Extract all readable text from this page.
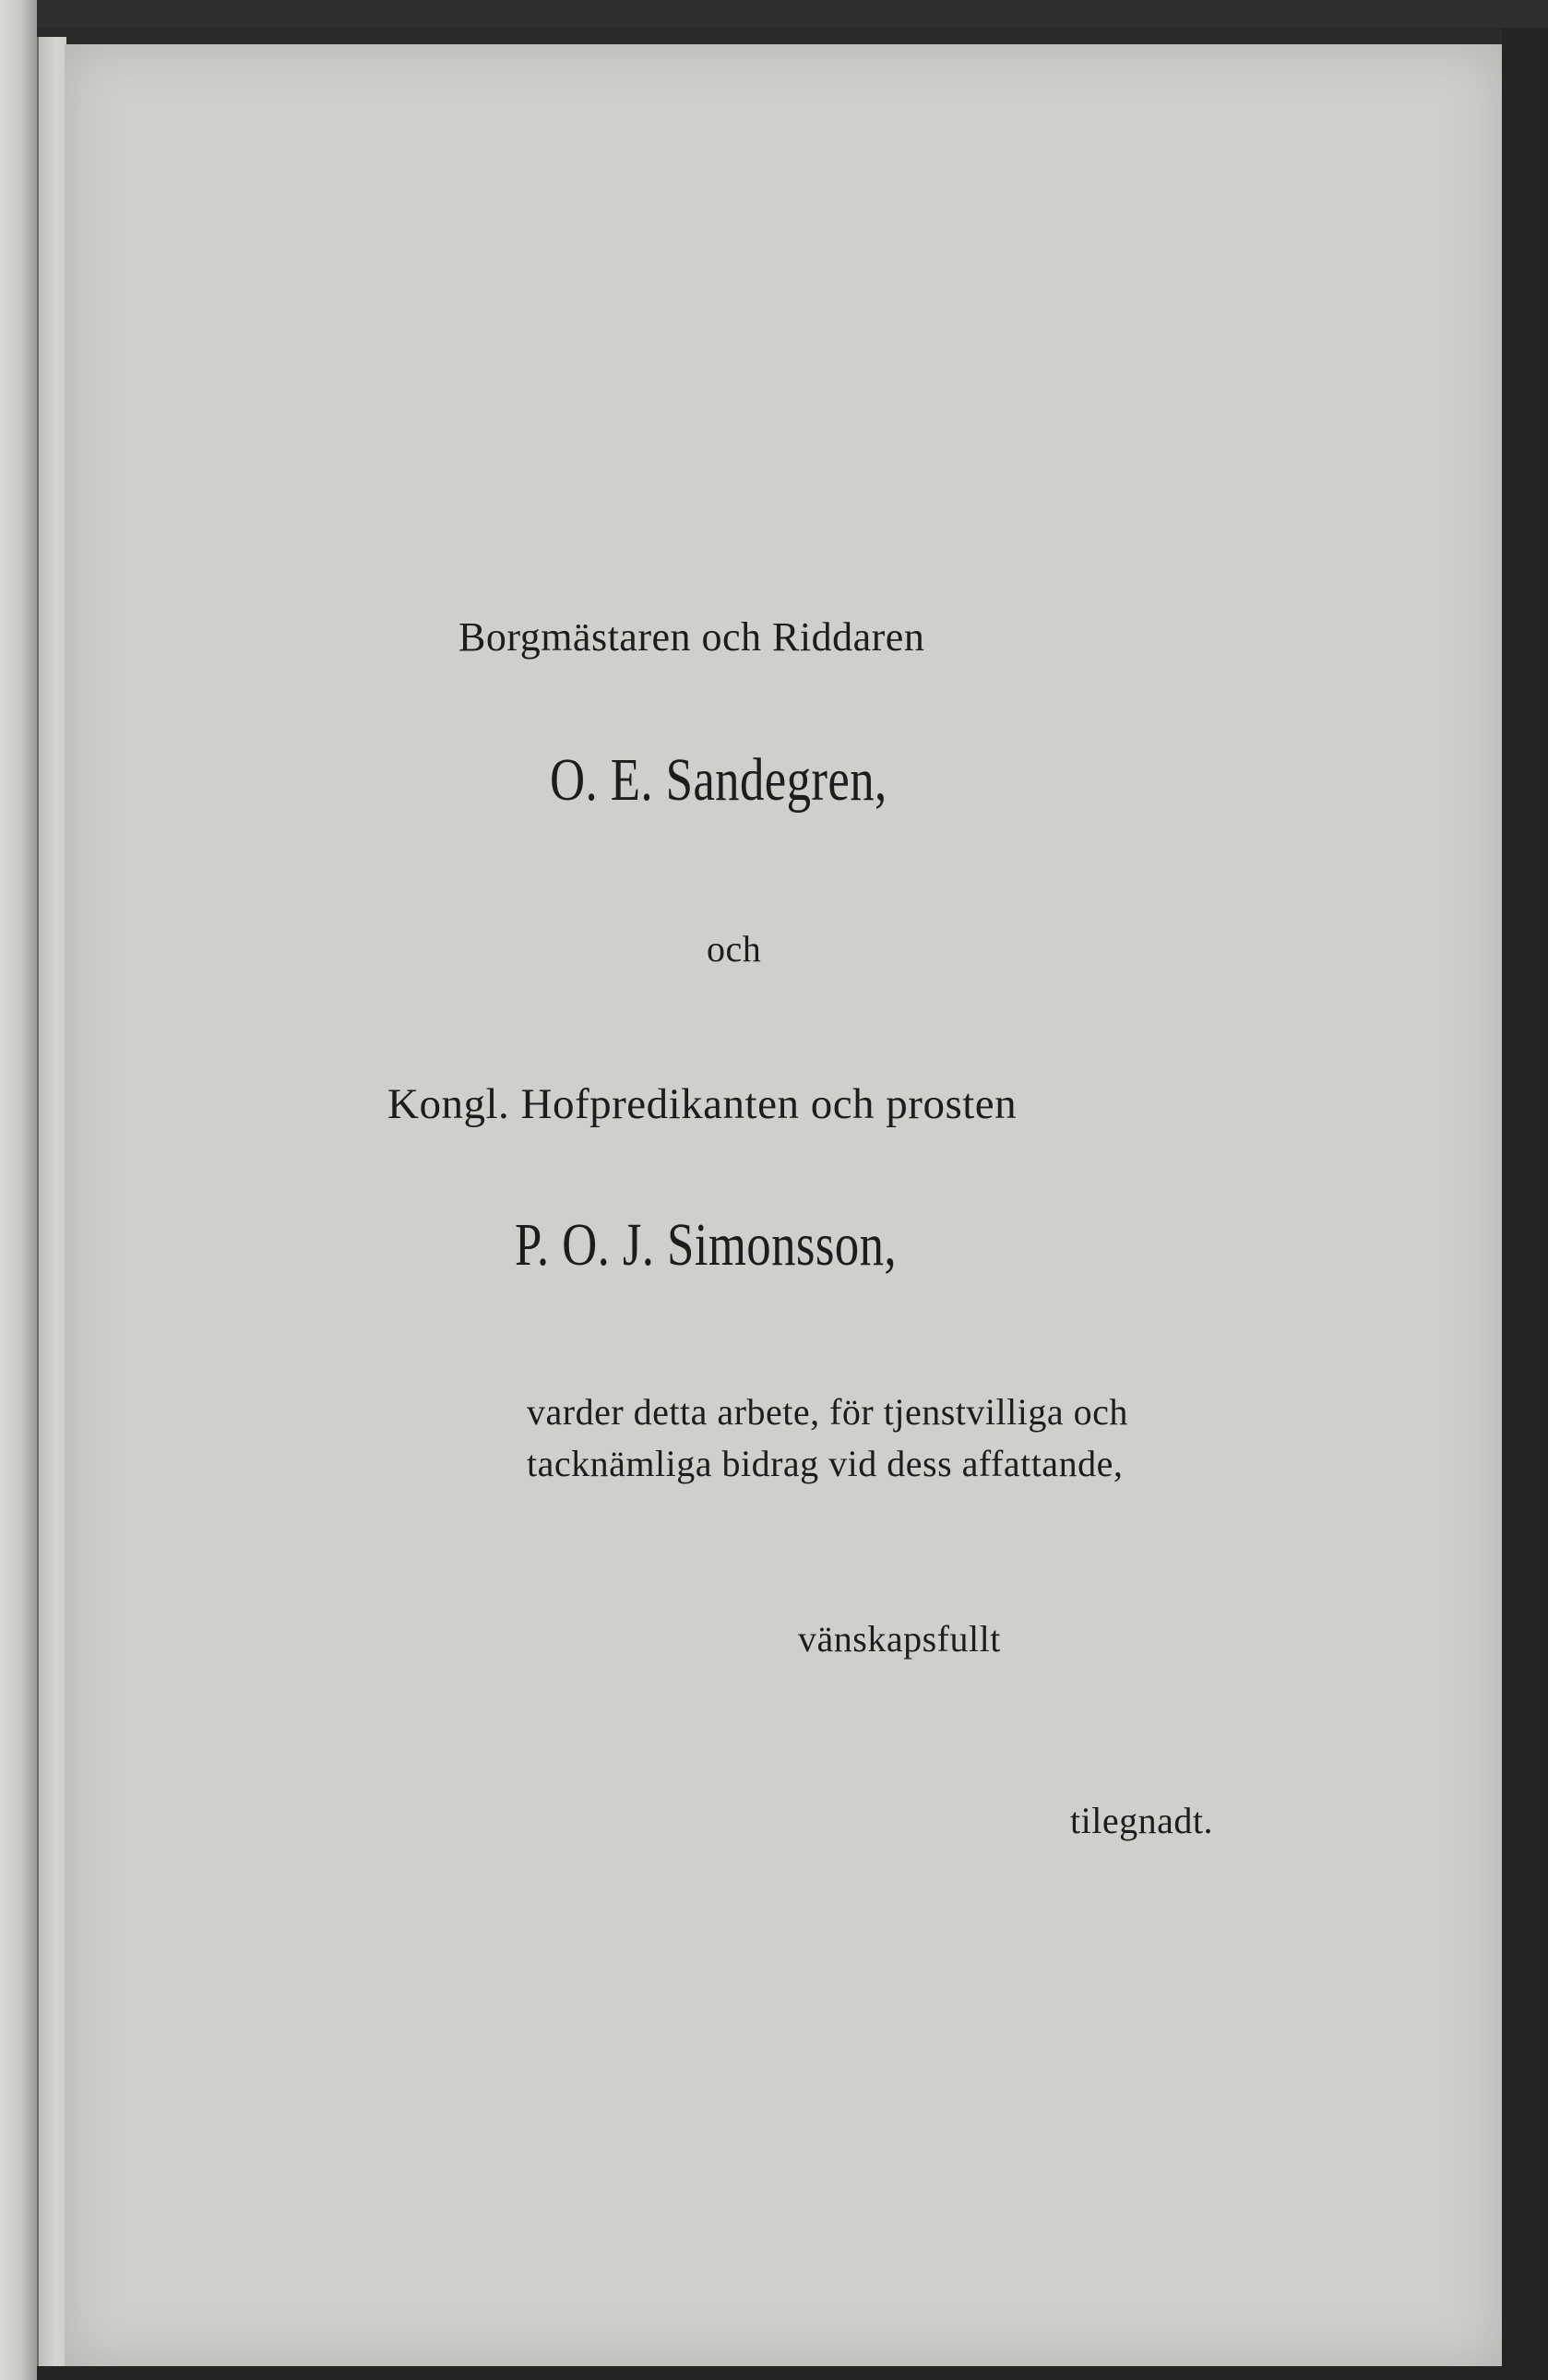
Borgmästaren och Riddaren

O. E. Sandegren,

och

Kongl. Hofpredikanten och prosten

P. O. J. Simonsson,

varder detta arbete, för tjenstvilliga och

tacknämliga bidrag vid dess affattande,

vänskapsfullt

tilegnadt.
